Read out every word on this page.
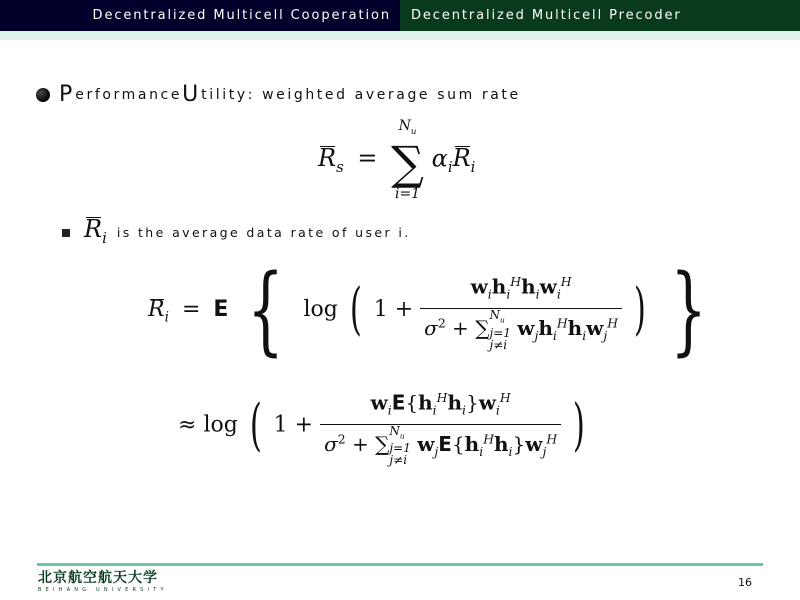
Decentralized Multicell Cooperation Decentralized Multicell Precoder
P erformance U tility : weighted average sum rate
$R_s$ =
$N_u$
∑
i=1
$\alpha_iR_i$
$R_i$ is the average data rate of user i.
$R_i = E$ { log ( 1 +
$w_ih_i^Hh_iw_i^H$
$\sigma^2 + \sum N_u$
j=1
j≠i $w_jh_i^Hh_iw_j^H$ ) }
≈ log ( 1 +
$w_iE\{h_i^Hh_i\}w_i^H$
$\sigma^2 + \sum N_u$
j=1
j≠i $w_jE\{h_i^Hh_i\}w_j^H$ )
北京航空航天大学
BEIHANG UNIVERSITY
16
